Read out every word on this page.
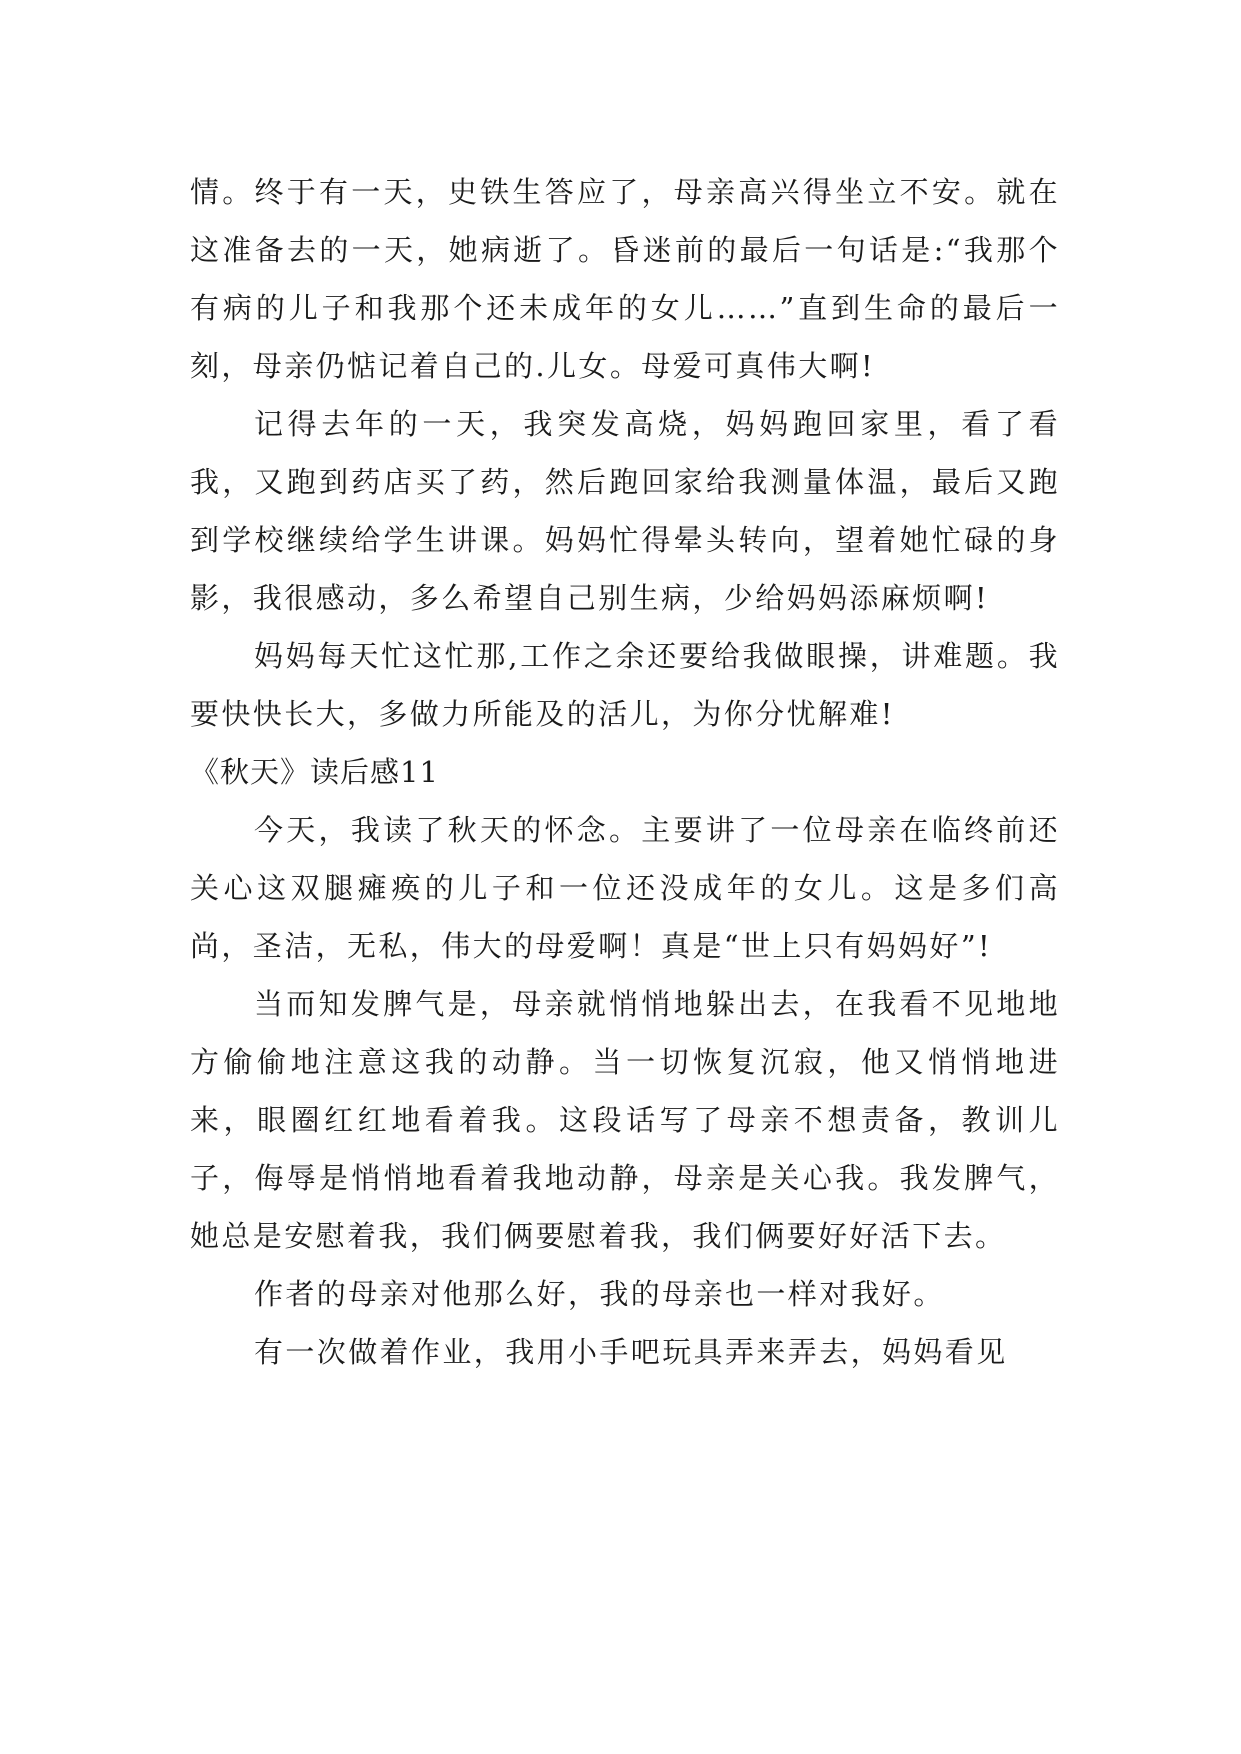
情。终于有一天，史铁生答应了，母亲高兴得坐立不安。就在这准备去的一天，她病逝了。昏迷前的最后一句话是:“我那个有病的儿子和我那个还未成年的女儿……”直到生命的最后一刻，母亲仍惦记着自己的.儿女。母爱可真伟大啊!

记得去年的一天，我突发高烧，妈妈跑回家里，看了看我，又跑到药店买了药，然后跑回家给我测量体温，最后又跑到学校继续给学生讲课。妈妈忙得晕头转向，望着她忙碌的身影，我很感动，多么希望自己别生病，少给妈妈添麻烦啊!

妈妈每天忙这忙那,工作之余还要给我做眼操，讲难题。我要快快长大，多做力所能及的活儿，为你分忧解难!

《秋天》读后感11

今天，我读了秋天的怀念。主要讲了一位母亲在临终前还关心这双腿瘫痪的儿子和一位还没成年的女儿。这是多们高尚，圣洁，无私，伟大的母爱啊！真是“世上只有妈妈好”!

当而知发脾气是，母亲就悄悄地躲出去，在我看不见地地方偷偷地注意这我的动静。当一切恢复沉寂，他又悄悄地进来，眼圈红红地看着我。这段话写了母亲不想责备，教训儿子，侮辱是悄悄地看着我地动静，母亲是关心我。我发脾气，她总是安慰着我，我们俩要慰着我，我们俩要好好活下去。

作者的母亲对他那么好，我的母亲也一样对我好。

有一次做着作业，我用小手吧玩具弄来弄去，妈妈看见
